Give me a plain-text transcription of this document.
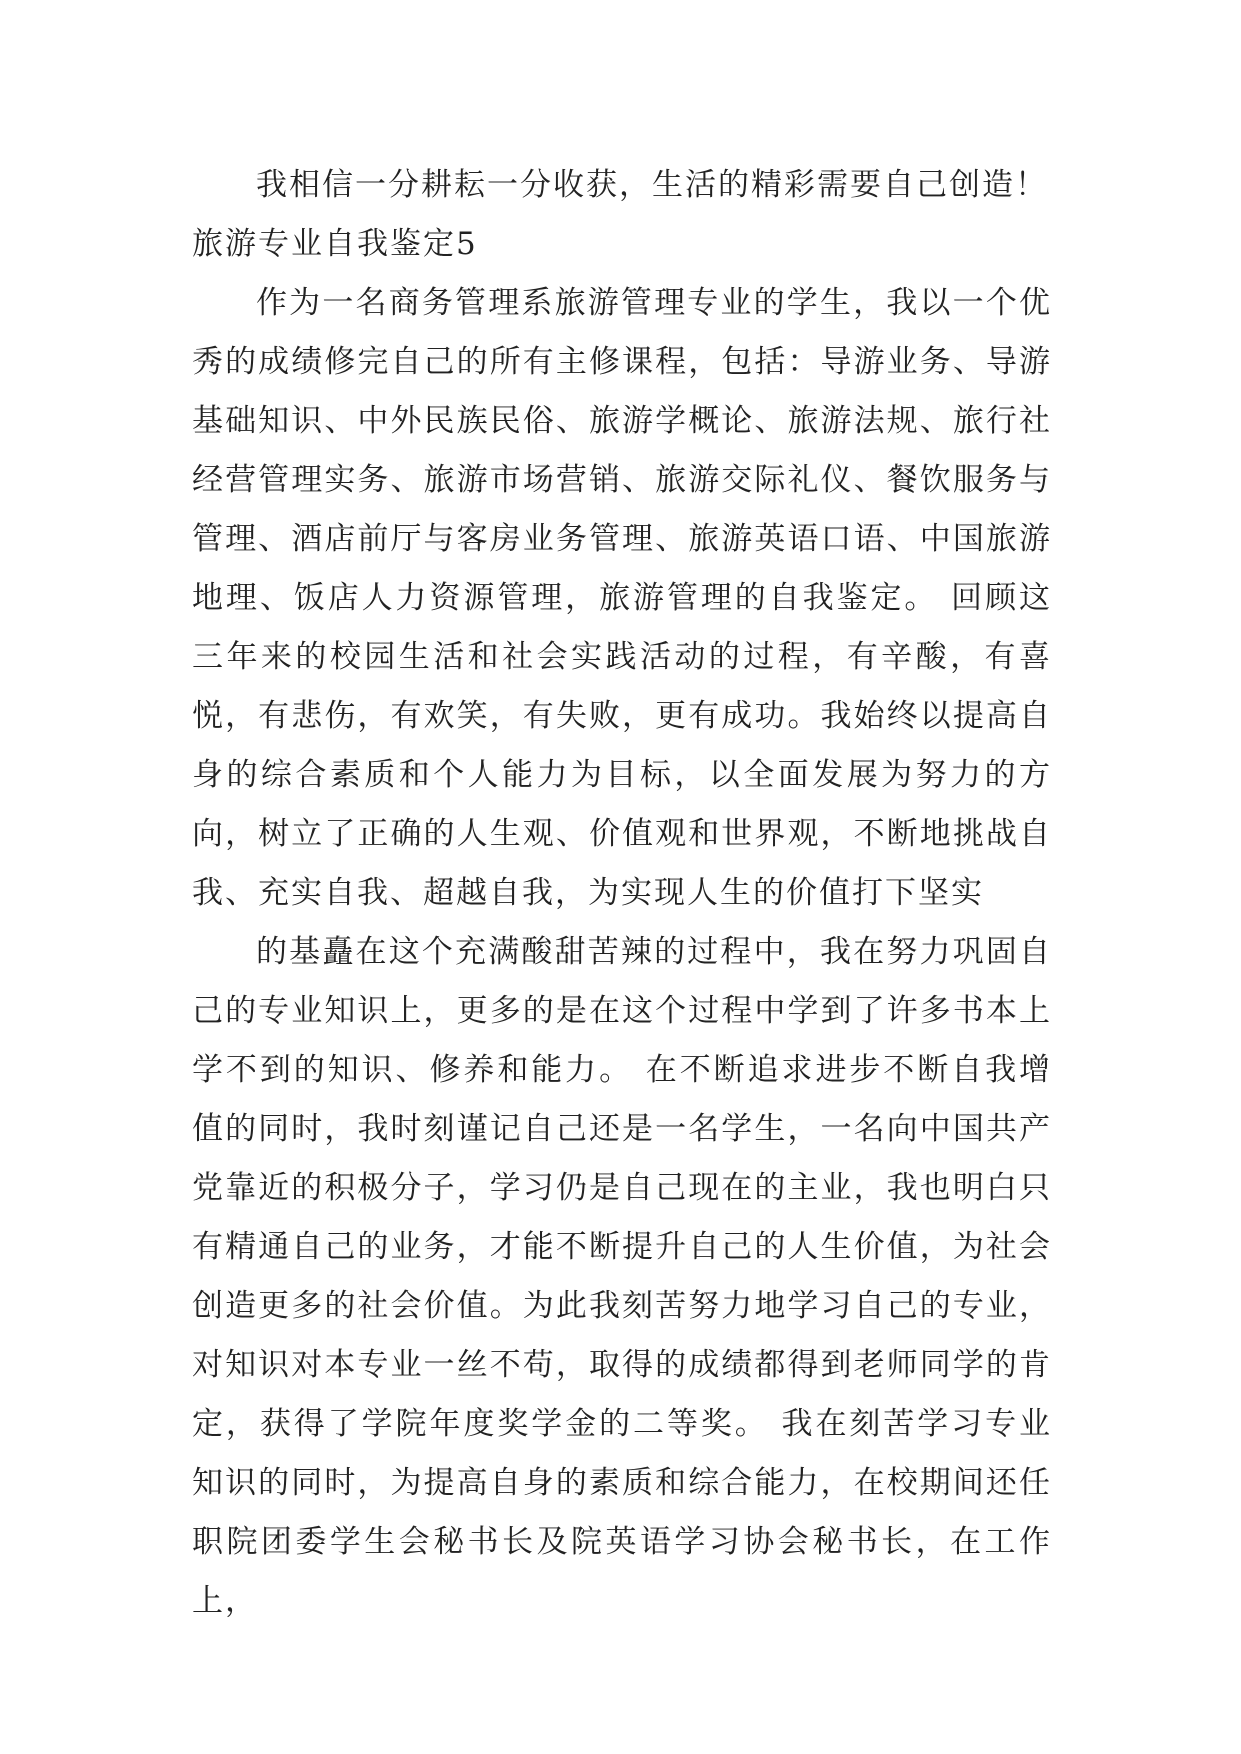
我相信一分耕耘一分收获，生活的精彩需要自己创造！

旅游专业自我鉴定5

作为一名商务管理系旅游管理专业的学生，我以一个优秀的成绩修完自己的所有主修课程，包括：导游业务、导游基础知识、中外民族民俗、旅游学概论、旅游法规、旅行社经营管理实务、旅游市场营销、旅游交际礼仪、餐饮服务与管理、酒店前厅与客房业务管理、旅游英语口语、中国旅游地理、饭店人力资源管理，旅游管理的自我鉴定。 回顾这三年来的校园生活和社会实践活动的过程，有辛酸，有喜悦，有悲伤，有欢笑，有失败，更有成功。我始终以提高自身的综合素质和个人能力为目标，以全面发展为努力的方向，树立了正确的人生观、价值观和世界观，不断地挑战自我、充实自我、超越自我，为实现人生的价值打下坚实

的基矗在这个充满酸甜苦辣的过程中，我在努力巩固自己的专业知识上，更多的是在这个过程中学到了许多书本上学不到的知识、修养和能力。 在不断追求进步不断自我增值的同时，我时刻谨记自己还是一名学生，一名向中国共产党靠近的积极分子，学习仍是自己现在的主业，我也明白只有精通自己的业务，才能不断提升自己的人生价值，为社会创造更多的社会价值。为此我刻苦努力地学习自己的专业，对知识对本专业一丝不苟，取得的成绩都得到老师同学的肯定，获得了学院年度奖学金的二等奖。 我在刻苦学习专业知识的同时，为提高自身的素质和综合能力，在校期间还任职院团委学生会秘书长及院英语学习协会秘书长，在工作上，
